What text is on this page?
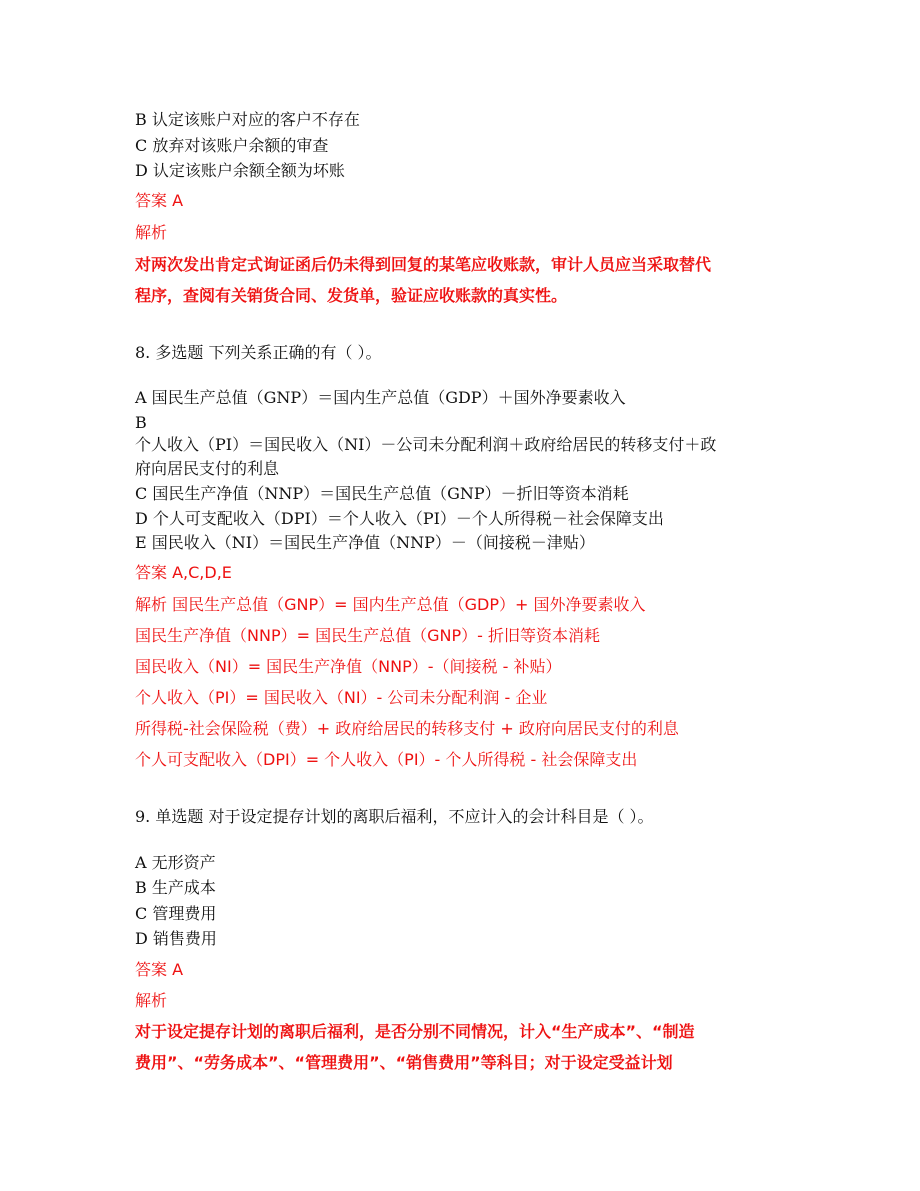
B 认定该账户对应的客户不存在
C 放弃对该账户余额的审查
D 认定该账户余额全额为坏账
答案 A
解析
对两次发出肯定式询证函后仍未得到回复的某笔应收账款，审计人员应当采取替代
程序，查阅有关销货合同、发货单，验证应收账款的真实性。
8. 多选题 下列关系正确的有（ ）。
A 国民生产总值（GNP）＝国内生产总值（GDP）＋国外净要素收入
B
个人收入（PI）＝国民收入（NI）－公司未分配利润＋政府给居民的转移支付＋政
府向居民支付的利息
C 国民生产净值（NNP）＝国民生产总值（GNP）－折旧等资本消耗
D 个人可支配收入（DPI）＝个人收入（PI）－个人所得税－社会保障支出
E 国民收入（NI）＝国民生产净值（NNP）－（间接税－津贴）
答案 A,C,D,E
解析 国民生产总值（GNP）= 国内生产总值（GDP）+ 国外净要素收入
国民生产净值（NNP）= 国民生产总值（GNP）- 折旧等资本消耗
国民收入（NI）= 国民生产净值（NNP）-（间接税 - 补贴）
个人收入（PI）= 国民收入（NI）- 公司未分配利润 - 企业
所得税-社会保险税（费）+ 政府给居民的转移支付 + 政府向居民支付的利息
个人可支配收入（DPI）= 个人收入（PI）- 个人所得税 - 社会保障支出
9. 单选题 对于设定提存计划的离职后福利，不应计入的会计科目是（ ）。
A 无形资产
B 生产成本
C 管理费用
D 销售费用
答案 A
解析
对于设定提存计划的离职后福利，是否分别不同情况，计入“生产成本”、“制造
费用”、“劳务成本”、“管理费用”、“销售费用”等科目；对于设定受益计划
